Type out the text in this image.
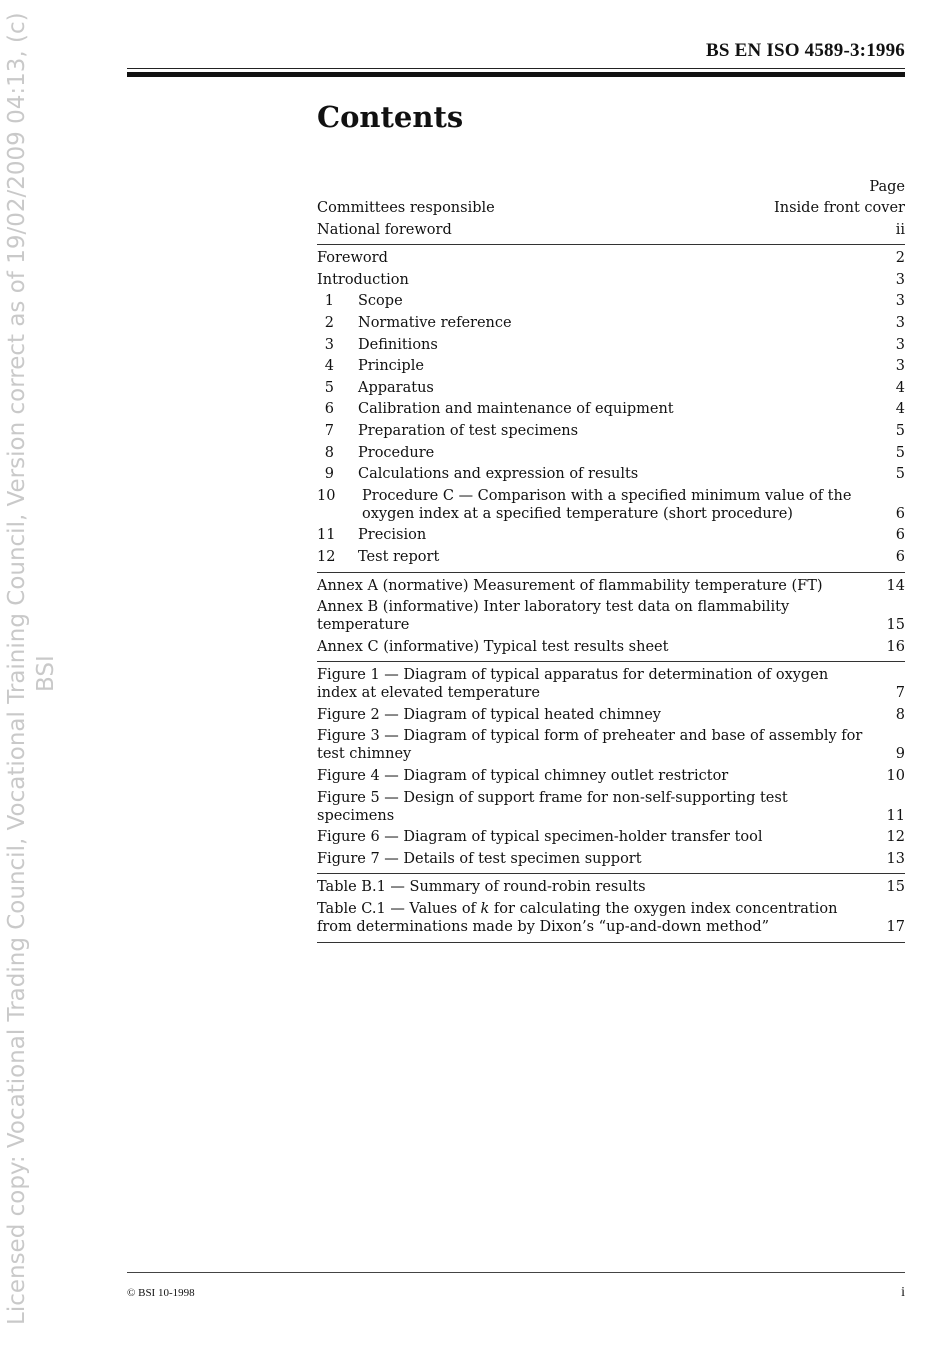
Licensed copy: Vocational Trading Council, Vocational Training Council, Version correct as of 19/02/2009 04:13, (c) BSI
BS EN ISO 4589-3:1996
Contents
Page
Committees responsible	Inside front cover
National foreword	ii
Foreword	2
Introduction	3
1	Scope	3
2	Normative reference	3
3	Definitions	3
4	Principle	3
5	Apparatus	4
6	Calibration and maintenance of equipment	4
7	Preparation of test specimens	5
8	Procedure	5
9	Calculations and expression of results	5
10	Procedure C — Comparison with a specified minimum value of the oxygen index at a specified temperature (short procedure)	6
11	Precision	6
12	Test report	6
Annex A (normative) Measurement of flammability temperature (FT)	14
Annex B (informative) Inter laboratory test data on flammability temperature	15
Annex C (informative) Typical test results sheet	16
Figure 1 — Diagram of typical apparatus for determination of oxygen index at elevated temperature	7
Figure 2 — Diagram of typical heated chimney	8
Figure 3 — Diagram of typical form of preheater and base of assembly for test chimney	9
Figure 4 — Diagram of typical chimney outlet restrictor	10
Figure 5 — Design of support frame for non-self-supporting test specimens	11
Figure 6 — Diagram of typical specimen-holder transfer tool	12
Figure 7 — Details of test specimen support	13
Table B.1 — Summary of round-robin results	15
Table C.1 — Values of k for calculating the oxygen index concentration from determinations made by Dixon’s “up-and-down method”	17
© BSI 10-1998	i
